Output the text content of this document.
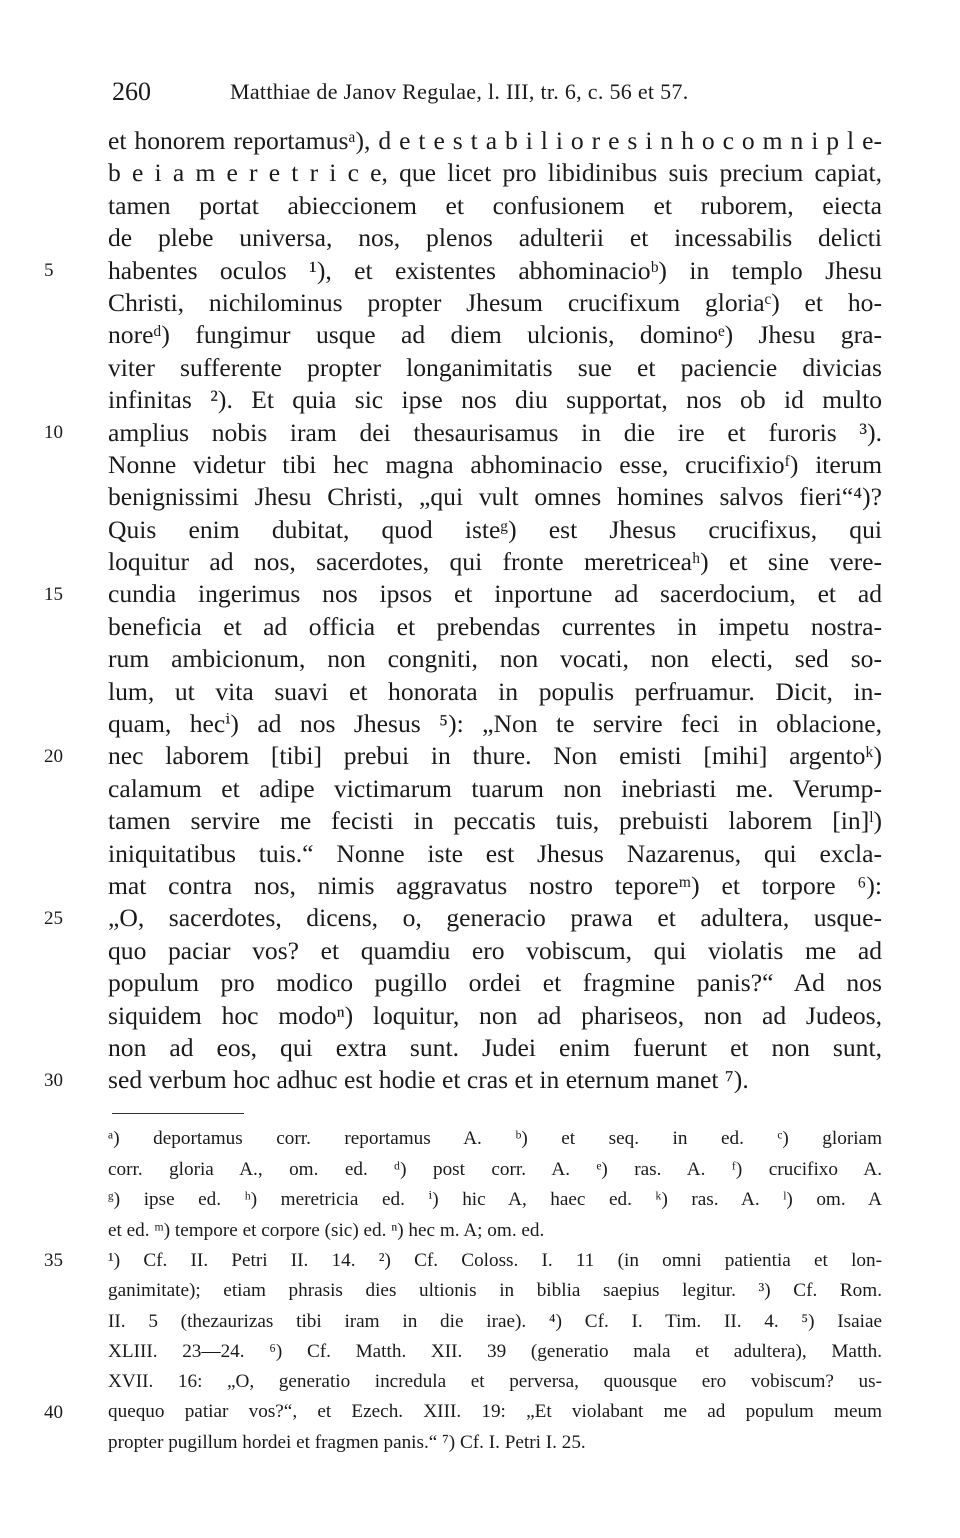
260	Matthiae de Janov Regulae, l. III, tr. 6, c. 56 et 57.
5
10
15
20
25
30
et honorem reportamusᵃ), d e t e s t a b i l i o r e s i n h o c o m n i p l e-
b e i a m e r e t r i c e, que licet pro libidinibus suis precium capiat,
tamen portat abieccionem et confusionem et ruborem, eiecta
de plebe universa, nos, plenos adulterii et incessabilis delicti
habentes oculos ¹), et existentes abhominacioᵇ) in templo Jhesu
Christi, nichilominus propter Jhesum crucifixum gloriaᶜ) et ho-
noreᵈ) fungimur usque ad diem ulcionis, dominoᵉ) Jhesu gra-
viter sufferente propter longanimitatis sue et paciencie divicias
infinitas ²). Et quia sic ipse nos diu supportat, nos ob id multo
amplius nobis iram dei thesaurisamus in die ire et furoris ³).
Nonne videtur tibi hec magna abhominacio esse, crucifixioᶠ) iterum
benignissimi Jhesu Christi, „qui vult omnes homines salvos fieri“⁴)?
Quis enim dubitat, quod isteᵍ) est Jhesus crucifixus, qui
loquitur ad nos, sacerdotes, qui fronte meretriceaʰ) et sine vere-
cundia ingerimus nos ipsos et inportune ad sacerdocium, et ad
beneficia et ad officia et prebendas currentes in impetu nostra-
rum ambicionum, non congniti, non vocati, non electi, sed so-
lum, ut vita suavi et honorata in populis perfruamur. Dicit, in-
quam, hecⁱ) ad nos Jhesus ⁵): „Non te servire feci in oblacione,
nec laborem [tibi] prebui in thure. Non emisti [mihi] argentoᵏ)
calamum et adipe victimarum tuarum non inebriasti me. Verump-
tamen servire me fecisti in peccatis tuis, prebuisti laborem [in]ˡ)
iniquitatibus tuis.“ Nonne iste est Jhesus Nazarenus, qui excla-
mat contra nos, nimis aggravatus nostro teporeᵐ) et torpore ⁶):
„O, sacerdotes, dicens, o, generacio prawa et adultera, usque-
quo paciar vos? et quamdiu ero vobiscum, qui violatis me ad
populum pro modico pugillo ordei et fragmine panis?“ Ad nos
siquidem hoc modoⁿ) loquitur, non ad phariseos, non ad Judeos,
non ad eos, qui extra sunt. Judei enim fuerunt et non sunt,
sed verbum hoc adhuc est hodie et cras et in eternum manet ⁷).
ᵃ) deportamus corr. reportamus A. ᵇ) et seq. in ed. ᶜ) gloriam
corr. gloria A., om. ed. ᵈ) post corr. A. ᵉ) ras. A. ᶠ) crucifixo A.
ᵍ) ipse ed. ʰ) meretricia ed. ⁱ) hic A, haec ed. ᵏ) ras. A. ˡ) om. A
et ed. ᵐ) tempore et corpore (sic) ed. ⁿ) hec m. A; om. ed.
35
40
¹) Cf. II. Petri II. 14. ²) Cf. Coloss. I. 11 (in omni patientia et lon-
ganimitate); etiam phrasis dies ultionis in biblia saepius legitur. ³) Cf. Rom.
II. 5 (thezaurizas tibi iram in die irae). ⁴) Cf. I. Tim. II. 4. ⁵) Isaiae
XLIII. 23—24. ⁶) Cf. Matth. XII. 39 (generatio mala et adultera), Matth.
XVII. 16: „O, generatio incredula et perversa, quousque ero vobiscum? us-
quequo patiar vos?“, et Ezech. XIII. 19: „Et violabant me ad populum meum
propter pugillum hordei et fragmen panis.“ ⁷) Cf. I. Petri I. 25.
